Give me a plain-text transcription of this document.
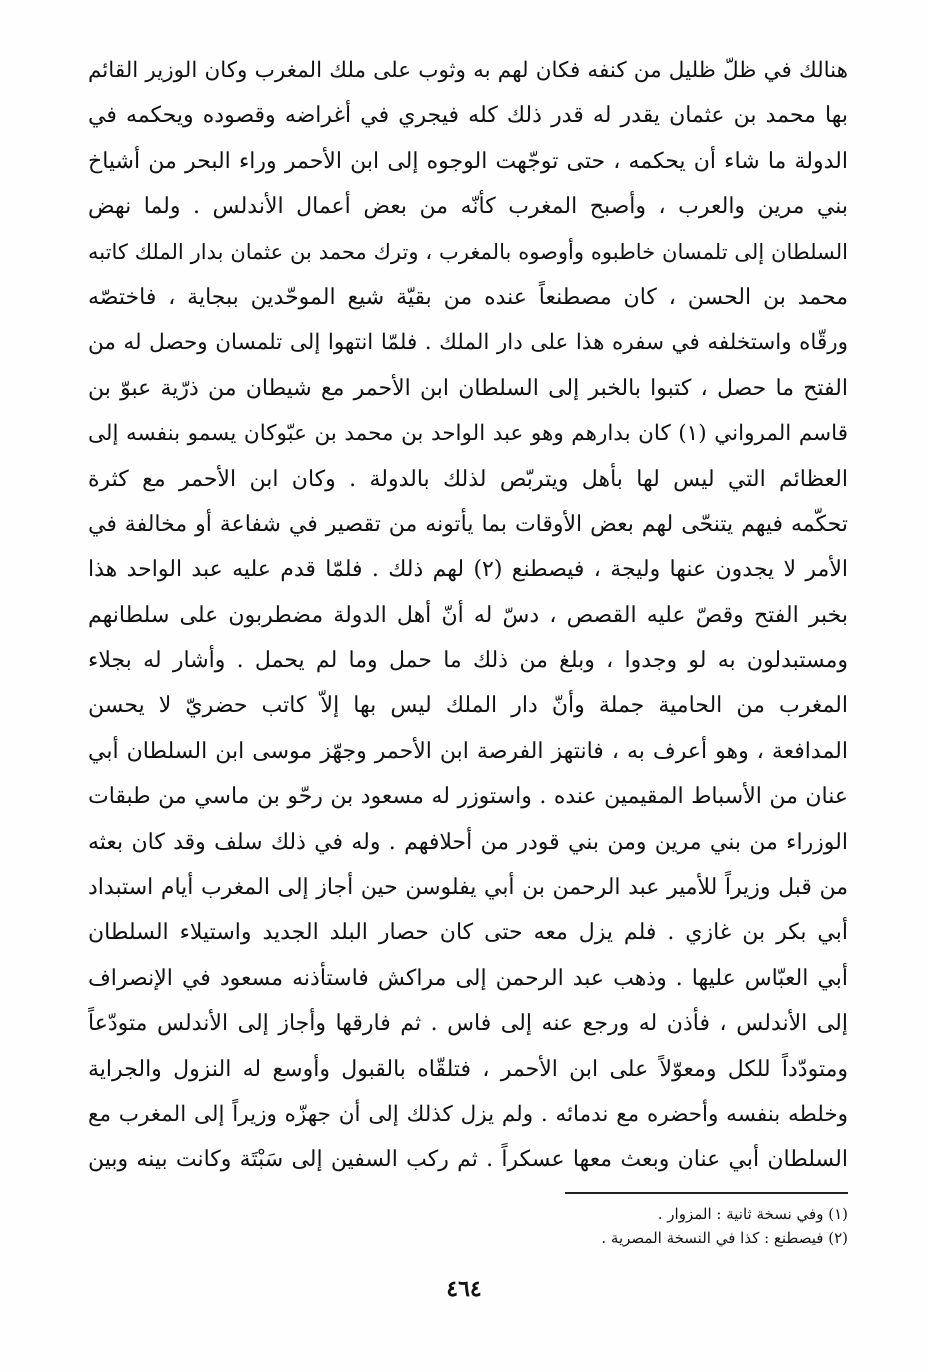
هنالك في ظلّ ظليل من كنفه فكان لهم به وثوب على ملك المغرب وكان الوزير القائم
بها محمد بن عثمان يقدر له قدر ذلك كله فيجري في أغراضه وقصوده ويحكمه في
الدولة ما شاء أن يحكمه ، حتى توجّهت الوجوه إلى ابن الأحمر وراء البحر من أشياخ
بني مرين والعرب ، وأصبح المغرب كأنّه من بعض أعمال الأندلس . ولما نهض
السلطان إلى تلمسان خاطبوه وأوصوه بالمغرب ، وترك محمد بن عثمان بدار الملك كاتبه
محمد بن الحسن ، كان مصطنعاً عنده من بقيّة شيع الموحّدين ببجاية ، فاختصّه
ورقّاه واستخلفه في سفره هذا على دار الملك . فلمّا انتهوا إلى تلمسان وحصل له من
الفتح ما حصل ، كتبوا بالخبر إلى السلطان ابن الأحمر مع شيطان من ذرّية عبوّ بن
قاسم المرواني (١) كان بدارهم وهو عبد الواحد بن محمد بن عبّوكان يسمو بنفسه إلى
العظائم التي ليس لها بأهل ويتربّص لذلك بالدولة . وكان ابن الأحمر مع كثرة
تحكّمه فيهم يتنحّى لهم بعض الأوقات بما يأتونه من تقصير في شفاعة أو مخالفة في
الأمر لا يجدون عنها وليجة ، فيصطنع (٢) لهم ذلك . فلمّا قدم عليه عبد الواحد هذا
بخبر الفتح وقصّ عليه القصص ، دسّ له أنّ أهل الدولة مضطربون على سلطانهم
ومستبدلون به لو وجدوا ، وبلغ من ذلك ما حمل وما لم يحمل . وأشار له بجلاء
المغرب من الحامية جملة وأنّ دار الملك ليس بها إلاّ كاتب حضريّ لا يحسن
المدافعة ، وهو أعرف به ، فانتهز الفرصة ابن الأحمر وجهّز موسى ابن السلطان أبي
عنان من الأسباط المقيمين عنده . واستوزر له مسعود بن رحّو بن ماسي من طبقات
الوزراء من بني مرين ومن بني قودر من أحلافهم . وله في ذلك سلف وقد كان بعثه
من قبل وزيراً للأمير عبد الرحمن بن أبي يفلوسن حين أجاز إلى المغرب أيام استبداد
أبي بكر بن غازي . فلم يزل معه حتى كان حصار البلد الجديد واستيلاء السلطان
أبي العبّاس عليها . وذهب عبد الرحمن إلى مراكش فاستأذنه مسعود في الإنصراف
إلى الأندلس ، فأذن له ورجع عنه إلى فاس . ثم فارقها وأجاز إلى الأندلس متودّعاً
ومتودّداً للكل ومعوّلاً على ابن الأحمر ، فتلقّاه بالقبول وأوسع له النزول والجراية
وخلطه بنفسه وأحضره مع ندمائه . ولم يزل كذلك إلى أن جهزّه وزيراً إلى المغرب مع
السلطان أبي عنان وبعث معها عسكراً . ثم ركب السفين إلى سَبْتَة وكانت بينه وبين
(١) وفي نسخة ثانية : المزوار .
(٢) فيصطنع : كذا في النسخة المصرية .
٤٦٤
